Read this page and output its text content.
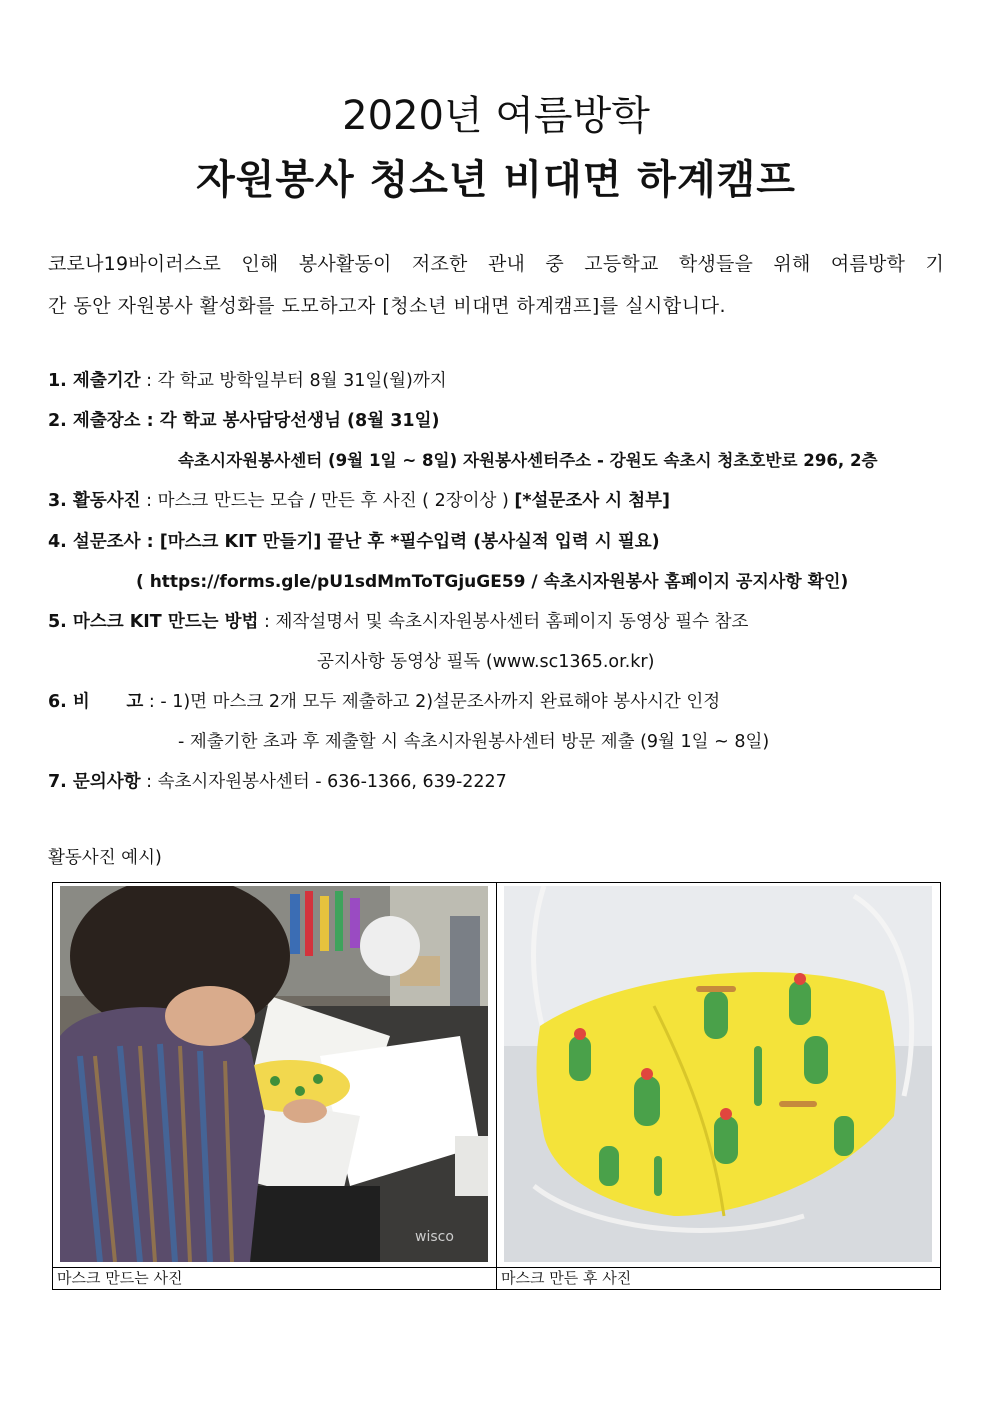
2020년 여름방학
자원봉사 청소년 비대면 하계캠프
코로나19바이러스로 인해 봉사활동이 저조한 관내 중 고등학교 학생들을 위해 여름방학 기
간 동안 자원봉사 활성화를 도모하고자 [청소년 비대면 하계캠프]를 실시합니다.
1. 제출기간 : 각 학교 방학일부터 8월 31일(월)까지
2. 제출장소 : 각 학교 봉사담당선생님 (8월 31일)
속초시자원봉사센터 (9월 1일 ~ 8일) 자원봉사센터주소 - 강원도 속초시 청초호반로 296, 2층
3. 활동사진 : 마스크 만드는 모습 / 만든 후 사진 ( 2장이상 ) [*설문조사 시 첨부]
4. 설문조사 : [마스크 KIT 만들기] 끝난 후 *필수입력 (봉사실적 입력 시 필요)
( https://forms.gle/pU1sdMmToTGjuGE59 / 속초시자원봉사 홈페이지 공지사항 확인)
5. 마스크 KIT 만드는 방법 : 제작설명서 및 속초시자원봉사센터 홈페이지 동영상 필수 참조
공지사항 동영상 필독 (www.sc1365.or.kr)
6. 비      고 : - 1)면 마스크 2개 모두 제출하고 2)설문조사까지 완료해야 봉사시간 인정
- 제출기한 초과 후 제출할 시 속초시자원봉사센터 방문 제출 (9월 1일 ~ 8일)
7. 문의사항 : 속초시자원봉사센터 - 636-1366, 639-2227
활동사진 예시)
wisco

마스크 만드는 사진	마스크 만든 후 사진
